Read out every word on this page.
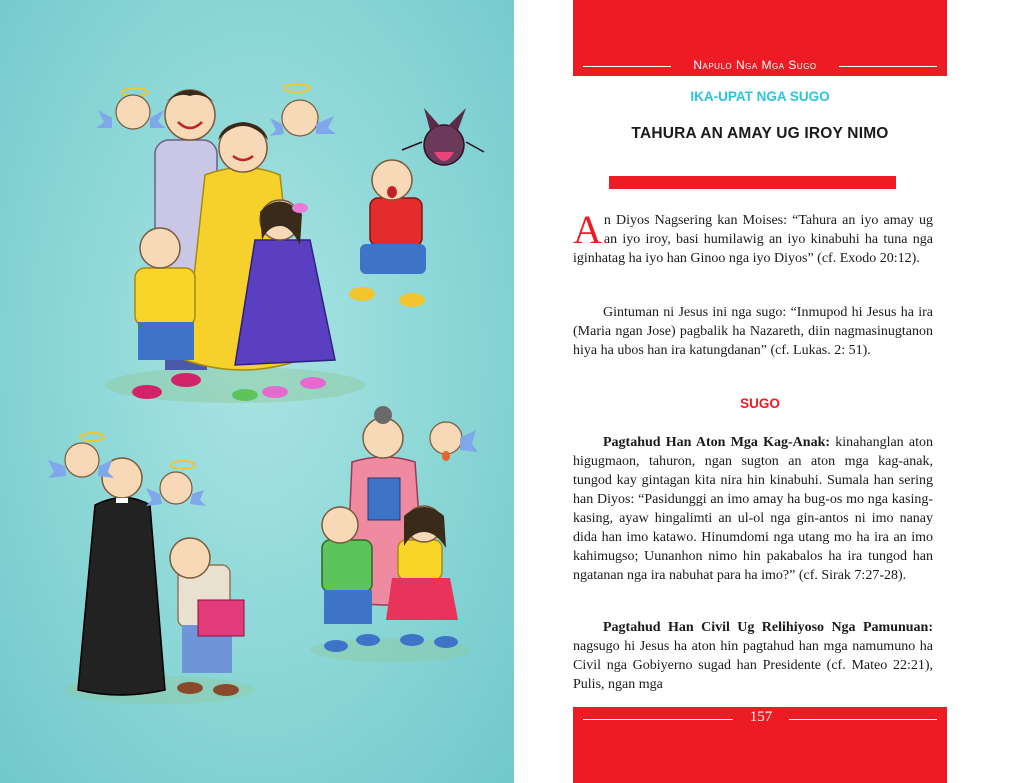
Napulo Nga Mga Sugo
IKA-UPAT NGA SUGO
TAHURA AN AMAY UG IROY NIMO
An Diyos Nagsering kan Moises: “Tahura an iyo amay ug an iyo iroy, basi humilawig an iyo kinabuhi ha tuna nga iginhatag ha iyo han Ginoo nga iyo Diyos” (cf. Exodo 20:12).
Gintuman ni Jesus ini nga sugo: “Inmupod hi Jesus ha ira (Maria ngan Jose) pagbalik ha Nazareth, diin nagmasinugtanon hiya ha ubos han ira katungdanan” (cf. Lukas. 2: 51).
SUGO
Pagtahud Han Aton Mga Kag-Anak: kinahanglan aton higugmaon, tahuron, ngan sugton an aton mga kag-anak, tungod kay gintagan kita nira hin kinabuhi. Sumala han sering han Diyos: “Pasidunggi an imo amay ha bug-os mo nga kasing-kasing, ayaw hingalimti an ul-ol nga gin-antos ni imo nanay dida han imo katawo. Hinumdomi nga utang mo ha ira an imo kahimugso; Uunanhon nimo hin pakabalos ha ira tungod han ngatanan nga ira nabuhat para ha imo?” (cf. Sirak 7:27-28).
Pagtahud Han Civil Ug Relihiyoso Nga Pamunuan: nagsugo hi Jesus ha aton hin pagtahud han mga namumuno ha Civil nga Gobiyerno sugad han Presidente (cf. Mateo 22:21), Pulis, ngan mga
157
